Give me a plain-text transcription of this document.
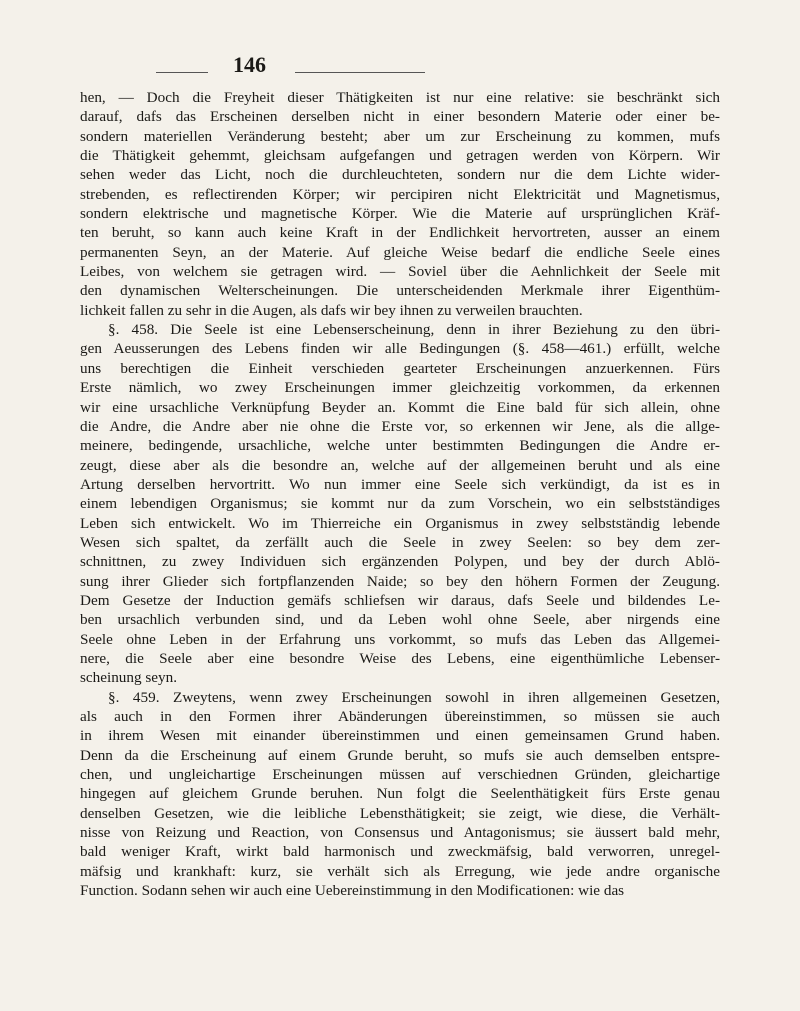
146

hen, — Doch die Freyheit dieser Thätigkeiten ist nur eine relative: sie beschränkt sich
darauf, dafs das Erscheinen derselben nicht in einer besondern Materie oder einer be-
sondern materiellen Veränderung besteht; aber um zur Erscheinung zu kommen, mufs
die Thätigkeit gehemmt, gleichsam aufgefangen und getragen werden von Körpern. Wir
sehen weder das Licht, noch die durchleuchteten, sondern nur die dem Lichte wider-
strebenden, es reflectirenden Körper; wir percipiren nicht Elektricität und Magnetismus,
sondern elektrische und magnetische Körper. Wie die Materie auf ursprünglichen Kräf-
ten beruht, so kann auch keine Kraft in der Endlichkeit hervortreten, ausser an einem
permanenten Seyn, an der Materie. Auf gleiche Weise bedarf die endliche Seele eines
Leibes, von welchem sie getragen wird. — Soviel über die Aehnlichkeit der Seele mit
den dynamischen Welterscheinungen. Die unterscheidenden Merkmale ihrer Eigenthüm-
lichkeit fallen zu sehr in die Augen, als dafs wir bey ihnen zu verweilen brauchten.

§. 458. Die Seele ist eine Lebenserscheinung, denn in ihrer Beziehung zu den übri-
gen Aeusserungen des Lebens finden wir alle Bedingungen (§. 458—461.) erfüllt, welche
uns berechtigen die Einheit verschieden gearteter Erscheinungen anzuerkennen. Fürs
Erste nämlich, wo zwey Erscheinungen immer gleichzeitig vorkommen, da erkennen
wir eine ursachliche Verknüpfung Beyder an. Kommt die Eine bald für sich allein, ohne
die Andre, die Andre aber nie ohne die Erste vor, so erkennen wir Jene, als die allge-
meinere, bedingende, ursachliche, welche unter bestimmten Bedingungen die Andre er-
zeugt, diese aber als die besondre an, welche auf der allgemeinen beruht und als eine
Artung derselben hervortritt. Wo nun immer eine Seele sich verkündigt, da ist es in
einem lebendigen Organismus; sie kommt nur da zum Vorschein, wo ein selbstständiges
Leben sich entwickelt. Wo im Thierreiche ein Organismus in zwey selbstständig lebende
Wesen sich spaltet, da zerfällt auch die Seele in zwey Seelen: so bey dem zer-
schnittnen, zu zwey Individuen sich ergänzenden Polypen, und bey der durch Ablö-
sung ihrer Glieder sich fortpflanzenden Naide; so bey den höhern Formen der Zeugung.
Dem Gesetze der Induction gemäfs schliefsen wir daraus, dafs Seele und bildendes Le-
ben ursachlich verbunden sind, und da Leben wohl ohne Seele, aber nirgends eine
Seele ohne Leben in der Erfahrung uns vorkommt, so mufs das Leben das Allgemei-
nere, die Seele aber eine besondre Weise des Lebens, eine eigenthümliche Lebenser-
scheinung seyn.

§. 459. Zweytens, wenn zwey Erscheinungen sowohl in ihren allgemeinen Gesetzen,
als auch in den Formen ihrer Abänderungen übereinstimmen, so müssen sie auch
in ihrem Wesen mit einander übereinstimmen und einen gemeinsamen Grund haben.
Denn da die Erscheinung auf einem Grunde beruht, so mufs sie auch demselben entspre-
chen, und ungleichartige Erscheinungen müssen auf verschiednen Gründen, gleichartige
hingegen auf gleichem Grunde beruhen. Nun folgt die Seelenthätigkeit fürs Erste genau
denselben Gesetzen, wie die leibliche Lebensthätigkeit; sie zeigt, wie diese, die Verhält-
nisse von Reizung und Reaction, von Consensus und Antagonismus; sie äussert bald mehr,
bald weniger Kraft, wirkt bald harmonisch und zweckmäfsig, bald verworren, unregel-
mäfsig und krankhaft: kurz, sie verhält sich als Erregung, wie jede andre organische
Function. Sodann sehen wir auch eine Uebereinstimmung in den Modificationen: wie das
